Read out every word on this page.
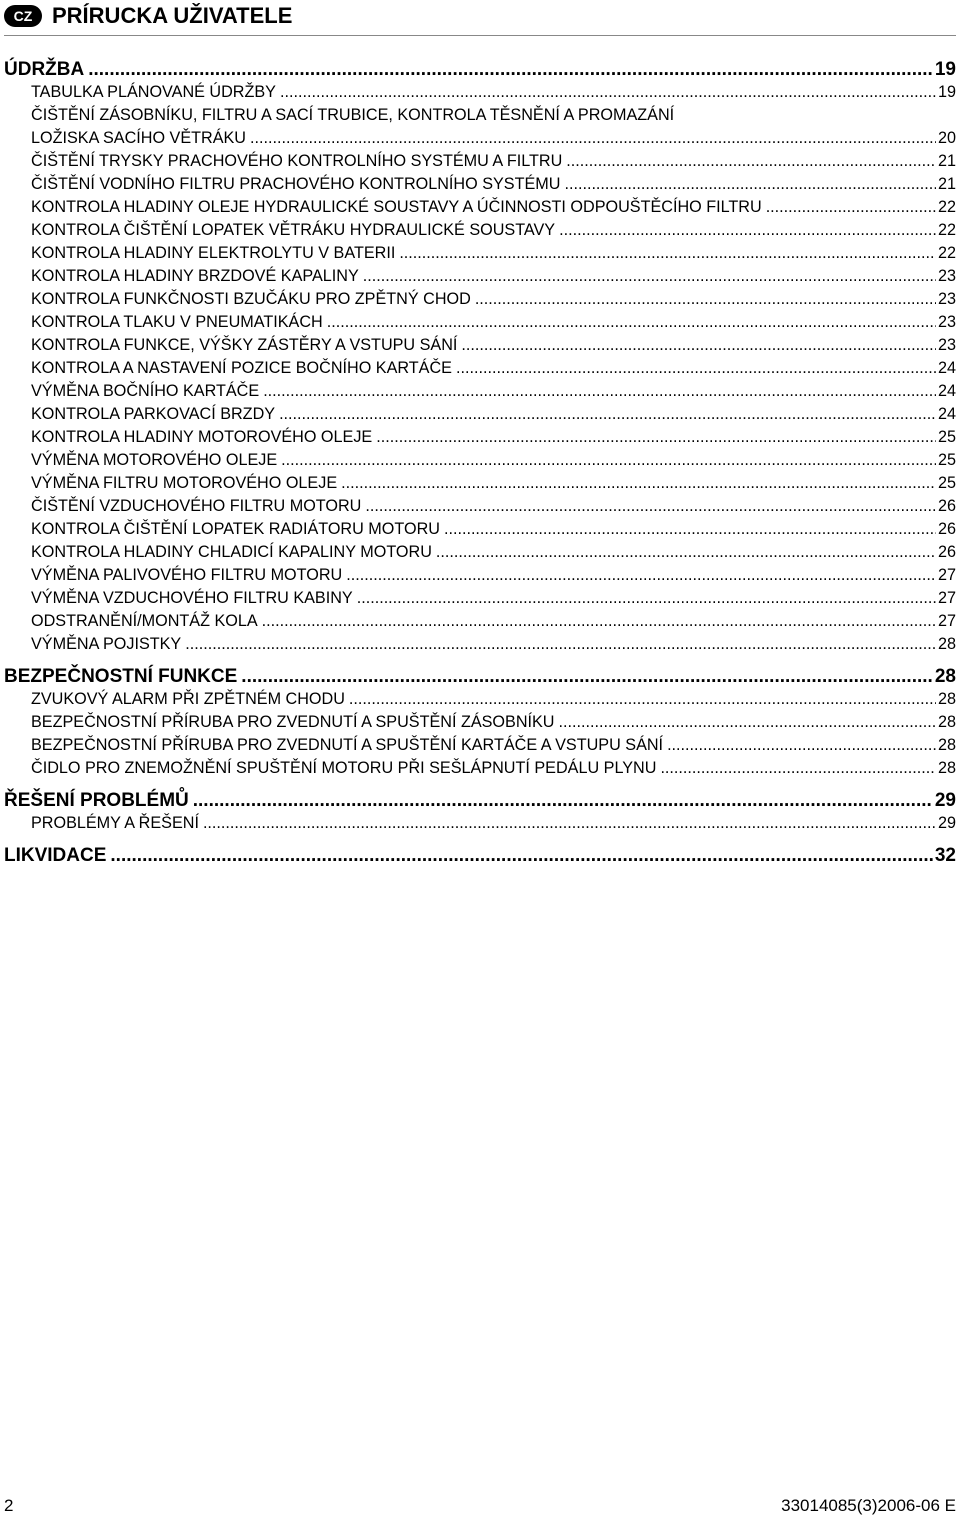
CZ PRÍRUCKA UŽIVATELE
ÚDRŽBA .....	19
TABULKA PLÁNOVANÉ ÚDRŽBY .....	19
ČIŠTĚNÍ ZÁSOBNÍKU, FILTRU A SACÍ TRUBICE, KONTROLA TĚSNĚNÍ A PROMAZÁNÍ
LOŽISKA SACÍHO VĚTRÁKU .....	20
ČIŠTĚNÍ TRYSKY PRACHOVÉHO KONTROLNÍHO SYSTÉMU A FILTRU .....	21
ČIŠTĚNÍ VODNÍHO FILTRU PRACHOVÉHO KONTROLNÍHO SYSTÉMU .....	21
KONTROLA HLADINY OLEJE HYDRAULICKÉ SOUSTAVY A ÚČINNOSTI ODPOUŠTĚCÍHO FILTRU .....	22
KONTROLA ČIŠTĚNÍ LOPATEK VĚTRÁKU HYDRAULICKÉ SOUSTAVY .....	22
KONTROLA HLADINY ELEKTROLYTU V BATERII .....	22
KONTROLA HLADINY BRZDOVÉ KAPALINY .....	23
KONTROLA FUNKČNOSTI BZUČÁKU PRO ZPĚTNÝ CHOD .....	23
KONTROLA TLAKU V PNEUMATIKÁCH .....	23
KONTROLA FUNKCE, VÝŠKY ZÁSTĚRY A VSTUPU SÁNÍ .....	23
KONTROLA A NASTAVENÍ POZICE BOČNÍHO KARTÁČE .....	24
VÝMĚNA BOČNÍHO KARTÁČE .....	24
KONTROLA PARKOVACÍ BRZDY .....	24
KONTROLA HLADINY MOTOROVÉHO OLEJE .....	25
VÝMĚNA MOTOROVÉHO OLEJE .....	25
VÝMĚNA FILTRU MOTOROVÉHO OLEJE .....	25
ČIŠTĚNÍ VZDUCHOVÉHO FILTRU MOTORU .....	26
KONTROLA ČIŠTĚNÍ LOPATEK RADIÁTORU MOTORU .....	26
KONTROLA HLADINY CHLADICÍ KAPALINY MOTORU .....	26
VÝMĚNA PALIVOVÉHO FILTRU MOTORU .....	27
VÝMĚNA VZDUCHOVÉHO FILTRU KABINY .....	27
ODSTRANĚNÍ/MONTÁŽ KOLA .....	27
VÝMĚNA POJISTKY .....	28
BEZPEČNOSTNÍ FUNKCE .....	28
ZVUKOVÝ ALARM PŘI ZPĚTNÉM CHODU .....	28
BEZPEČNOSTNÍ PŘÍRUBA PRO ZVEDNUTÍ A SPUŠTĚNÍ ZÁSOBNÍKU .....	28
BEZPEČNOSTNÍ PŘÍRUBA PRO ZVEDNUTÍ A SPUŠTĚNÍ KARTÁČE A VSTUPU SÁNÍ .....	28
ČIDLO PRO ZNEMOŽNĚNÍ SPUŠTĚNÍ MOTORU PŘI SEŠLÁPNUTÍ PEDÁLU PLYNU .....	28
ŘEŠENÍ PROBLÉMŮ .....	29
PROBLÉMY A ŘEŠENÍ .....	29
LIKVIDACE .....	32
2	33014085(3)2006-06 E
